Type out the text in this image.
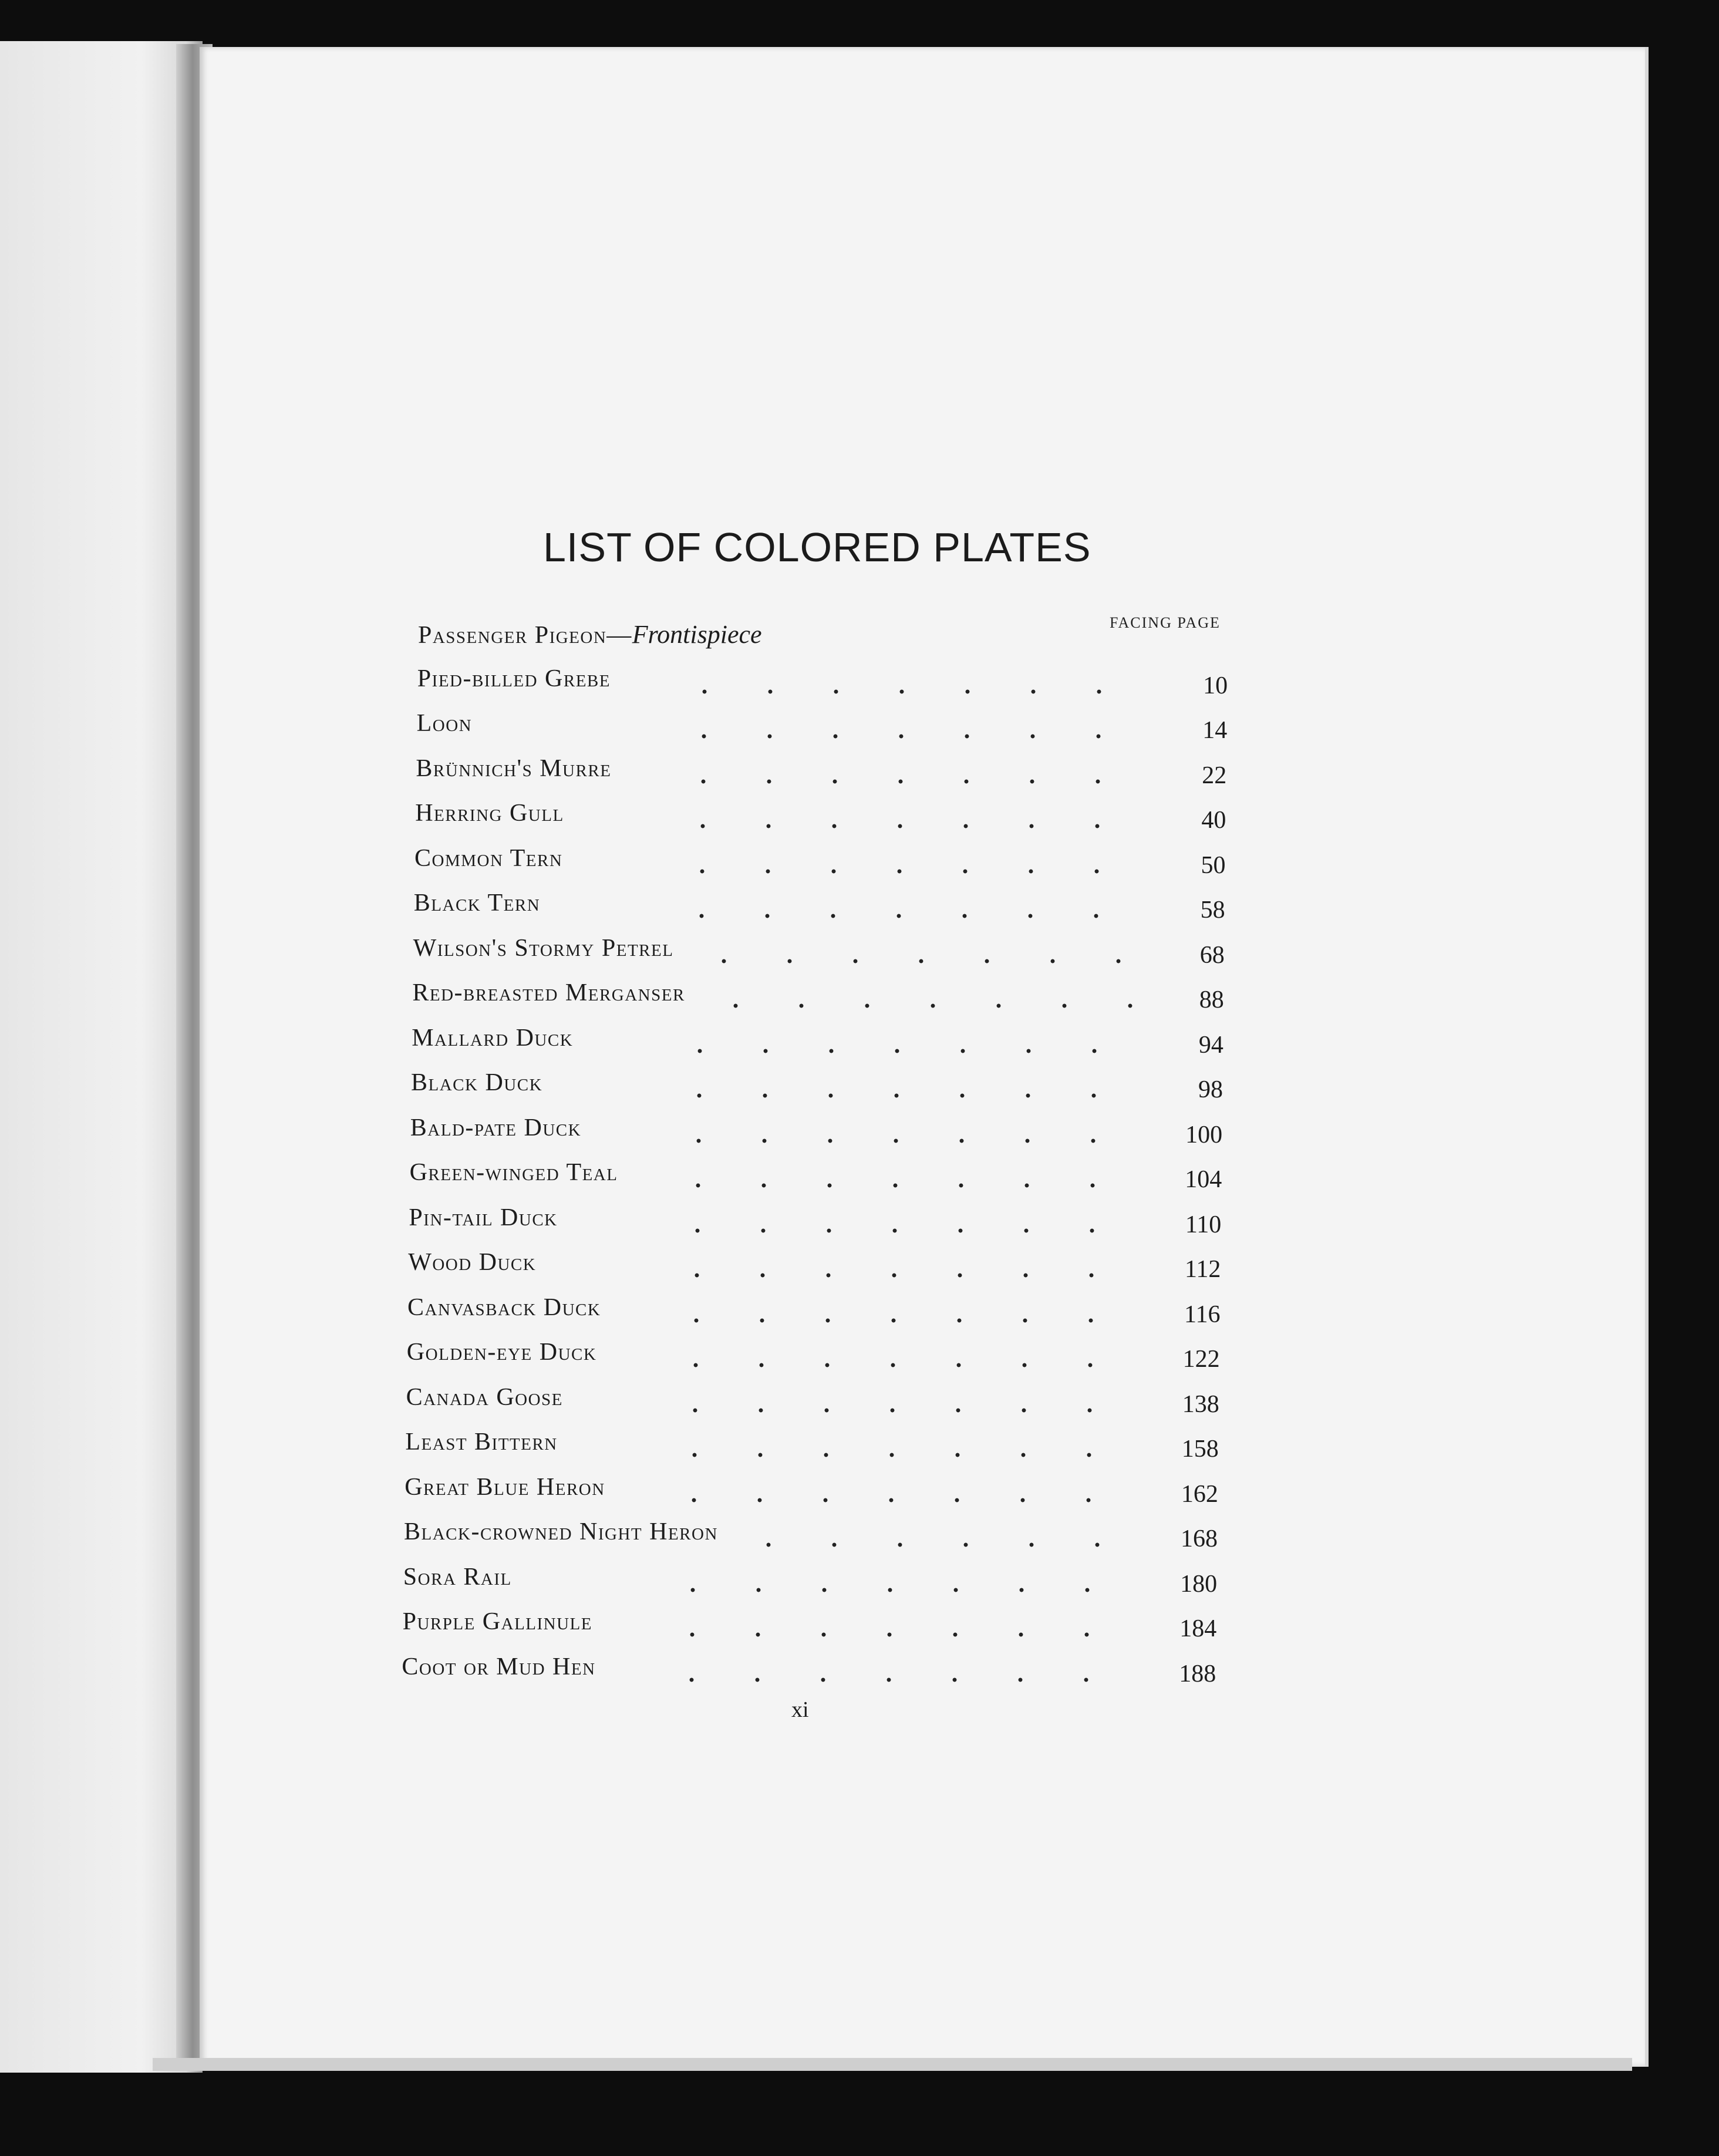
LIST OF COLORED PLATES
FACING PAGE
Passenger Pigeon— Frontispiece
Pied-billed Grebe	10
Loon	14
Brünnich's Murre	22
Herring Gull	40
Common Tern	50
Black Tern	58
Wilson's Stormy Petrel	68
Red-breasted Merganser	88
Mallard Duck	94
Black Duck	98
Bald-pate Duck	100
Green-winged Teal	104
Pin-tail Duck	110
Wood Duck	112
Canvasback Duck	116
Golden-eye Duck	122
Canada Goose	138
Least Bittern	158
Great Blue Heron	162
Black-crowned Night Heron	168
Sora Rail	180
Purple Gallinule	184
Coot or Mud Hen	188
xi
